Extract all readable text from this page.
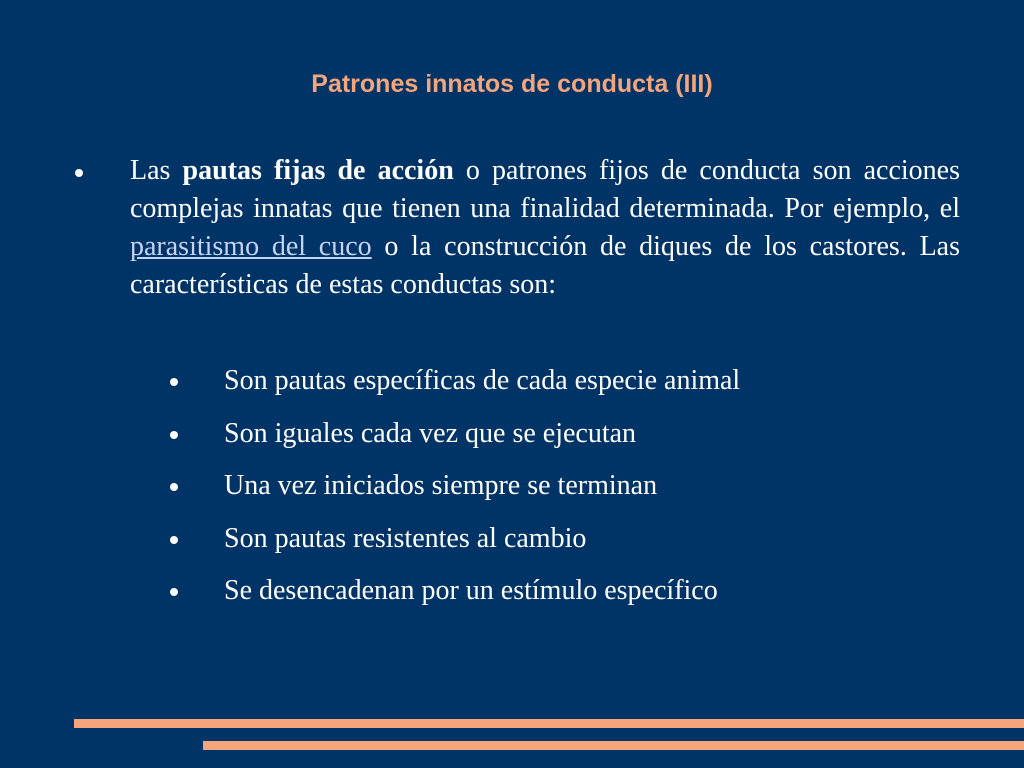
Patrones innatos de conducta (III)
Las pautas fijas de acción o patrones fijos de conducta son acciones complejas innatas que tienen una finalidad determinada. Por ejemplo, el parasitismo del cuco o la construcción de diques de los castores. Las características de estas conductas son:
Son pautas específicas de cada especie animal
Son iguales cada vez que se ejecutan
Una vez iniciados siempre se terminan
Son pautas resistentes al cambio
Se desencadenan por un estímulo específico
